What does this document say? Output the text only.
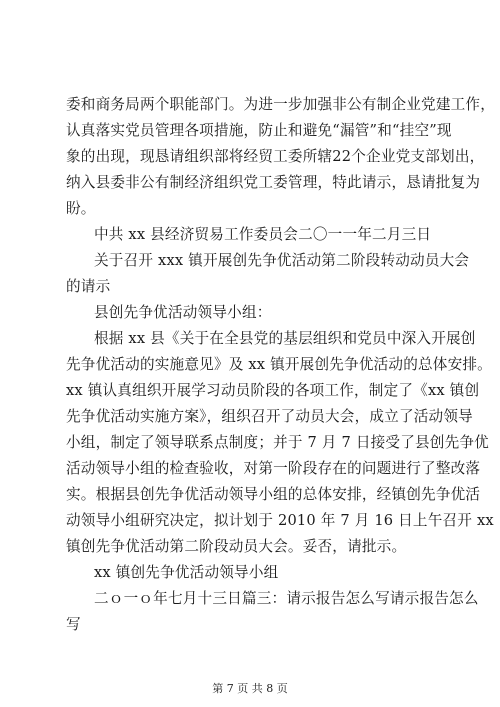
委和商务局两个职能部门。为进一步加强非公有制企业党建工作，
认真落实党员管理各项措施，防止和避免“漏管”和“挂空”现
象的出现，现恳请组织部将经贸工委所辖22个企业党支部划出，
纳入县委非公有制经济组织党工委管理，特此请示，恳请批复为
盼。
中共 xx 县经济贸易工作委员会二〇一一年二月三日
关于召开 xxx 镇开展创先争优活动第二阶段转动动员大会
的请示
县创先争优活动领导小组：
根据 xx 县《关于在全县党的基层组织和党员中深入开展创
先争优活动的实施意见》及 xx 镇开展创先争优活动的总体安排。
xx 镇认真组织开展学习动员阶段的各项工作，制定了《xx 镇创
先争优活动实施方案》，组织召开了动员大会，成立了活动领导
小组，制定了领导联系点制度；并于 7 月 7 日接受了县创先争优
活动领导小组的检查验收，对第一阶段存在的问题进行了整改落
实。根据县创先争优活动领导小组的总体安排，经镇创先争优活
动领导小组研究决定，拟计划于 2010 年 7 月 16 日上午召开 xx
镇创先争优活动第二阶段动员大会。妥否，请批示。
xx 镇创先争优活动领导小组
二ｏ一ｏ年七月十三日篇三：请示报告怎么写请示报告怎么
写
第 7 页 共 8 页
